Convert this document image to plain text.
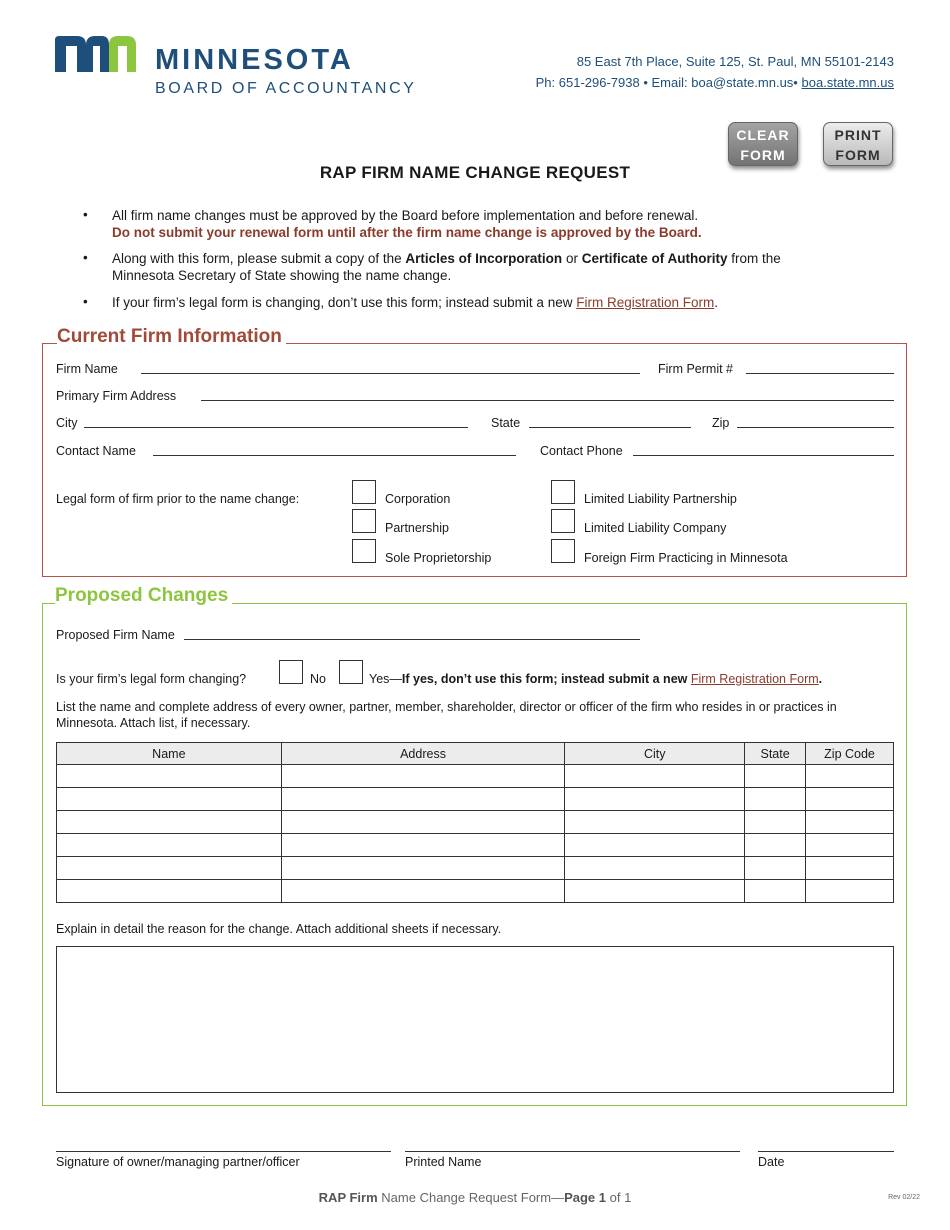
MINNESOTA
BOARD OF ACCOUNTANCY
85 East 7th Place, Suite 125, St. Paul, MN 55101-2143
Ph: 651-296-7938 • Email: boa@state.mn.us• boa.state.mn.us
CLEAR
FORM
PRINT
FORM
RAP FIRM NAME CHANGE REQUEST
• All firm name changes must be approved by the Board before implementation and before renewal.
Do not submit your renewal form until after the firm name change is approved by the Board.
• Along with this form, please submit a copy of the Articles of Incorporation or Certificate of Authority from the Minnesota Secretary of State showing the name change.
• If your firm’s legal form is changing, don’t use this form; instead submit a new Firm Registration Form.
Current Firm Information
Firm Name	Firm Permit #
Primary Firm Address
City	State	Zip
Contact Name	Contact Phone
Legal form of firm prior to the name change:	Corporation
Partnership
Sole Proprietorship
Limited Liability Partnership
Limited Liability Company
Foreign Firm Practicing in Minnesota
Proposed Changes
Proposed Firm Name
Is your firm’s legal form changing?	No	Yes—If yes, don’t use this form; instead submit a new Firm Registration Form.
List the name and complete address of every owner, partner, member, shareholder, director or officer of the firm who resides in or practices in Minnesota. Attach list, if necessary.
Name	Address	City	State	Zip Code

Explain in detail the reason for the change. Attach additional sheets if necessary.
Signature of owner/managing partner/officer	Printed Name	Date
RAP Firm Name Change Request Form—Page 1 of 1	Rev 02/22
